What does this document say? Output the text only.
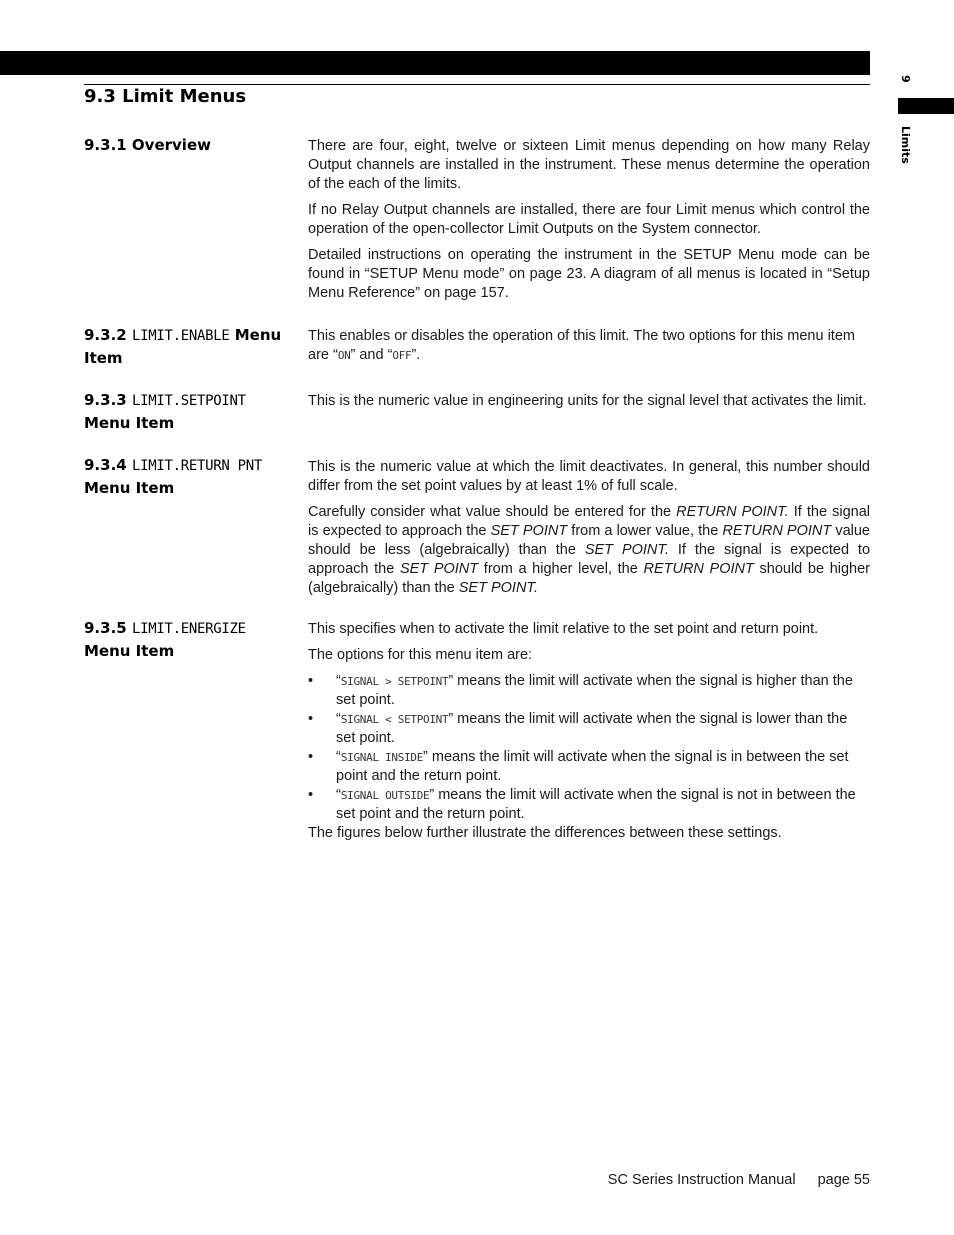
9
Limits
9.3 Limit Menus
9.3.1 Overview	There are four, eight, twelve or sixteen Limit menus depending on how many Relay Output channels are installed in the instrument. These menus determine the operation of the each of the limits.

If no Relay Output channels are installed, there are four Limit menus which control the operation of the open-collector Limit Outputs on the System connector.

Detailed instructions on operating the instrument in the SETUP Menu mode can be found in “SETUP Menu mode” on page 23. A diagram of all menus is located in “Setup Menu Reference” on page 157.

9.3.2 LIMIT.ENABLE Menu Item

This enables or disables the operation of this limit. The two options for this menu item are “ON” and “OFF”.

9.3.3 LIMIT.SETPOINT
Menu Item

This is the numeric value in engineering units for the signal level that activates the limit.

9.3.4 LIMIT.RETURN PNT
Menu Item

This is the numeric value at which the limit deactivates. In general, this number should differ from the set point values by at least 1% of full scale.

Carefully consider what value should be entered for the RETURN POINT. If the signal is expected to approach the SET POINT from a lower value, the RETURN POINT value should be less (algebraically) than the SET POINT. If the signal is expected to approach the SET POINT from a higher level, the RETURN POINT should be higher (algebraically) than the SET POINT.

9.3.5 LIMIT.ENERGIZE
Menu Item

This specifies when to activate the limit relative to the set point and return point.

The options for this menu item are:

• “SIGNAL > SETPOINT” means the limit will activate when the signal is higher than the set point.
• “SIGNAL < SETPOINT” means the limit will activate when the signal is lower than the set point.
• “SIGNAL INSIDE” means the limit will activate when the signal is in between the set point and the return point.
• “SIGNAL OUTSIDE” means the limit will activate when the signal is not in between the set point and the return point.

The figures below further illustrate the differences between these settings.

SC Series Instruction Manual page 55
